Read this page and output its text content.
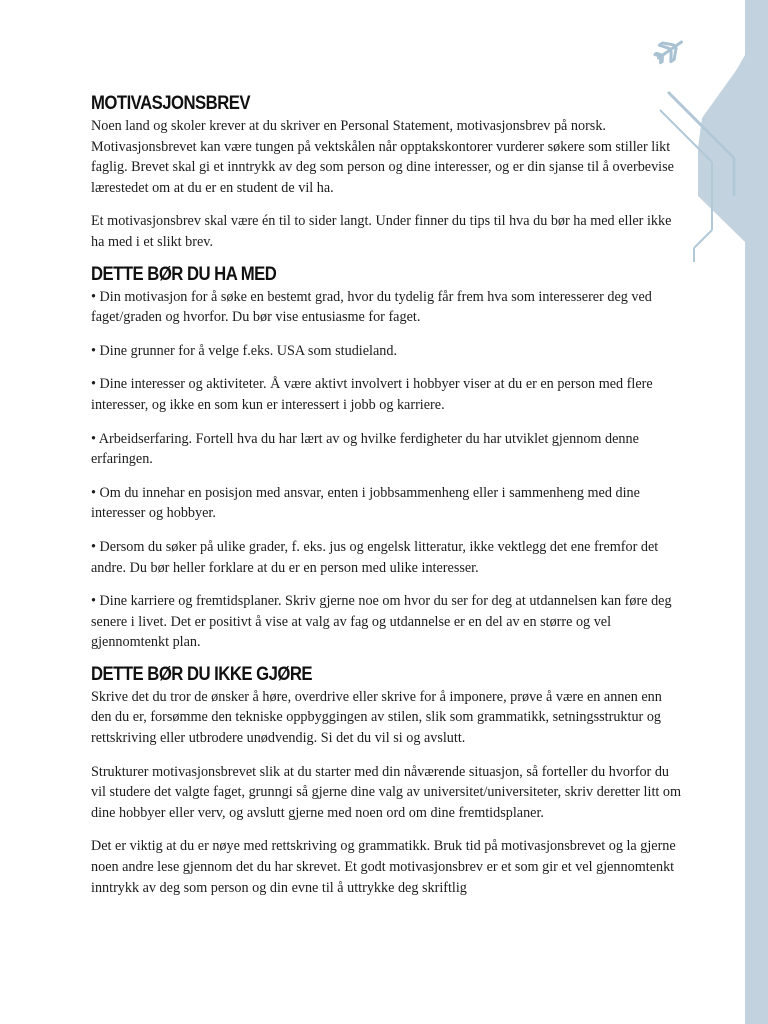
MOTIVASJONSBREV

Noen land og skoler krever at du skriver en Personal Statement, motivasjonsbrev på norsk. Motivasjonsbrevet kan være tungen på vektskålen når opptakskontorer vurderer søkere som stiller likt faglig. Brevet skal gi et inntrykk av deg som person og dine interesser, og er din sjanse til å overbevise lærestedet om at du er en student de vil ha.

Et motivasjonsbrev skal være én til to sider langt. Under finner du tips til hva du bør ha med eller ikke ha med i et slikt brev.

DETTE BØR DU HA MED

• Din motivasjon for å søke en bestemt grad, hvor du tydelig får frem hva som interesserer deg ved faget/graden og hvorfor. Du bør vise entusiasme for faget.

• Dine grunner for å velge f.eks. USA som studieland.

• Dine interesser og aktiviteter. Å være aktivt involvert i hobbyer viser at du er en person med flere interesser, og ikke en som kun er interessert i jobb og karriere.

• Arbeidserfaring. Fortell hva du har lært av og hvilke ferdigheter du har utviklet gjennom denne erfaringen.

• Om du innehar en posisjon med ansvar, enten i jobbsammenheng eller i sammenheng med dine interesser og hobbyer.

• Dersom du søker på ulike grader, f. eks. jus og engelsk litteratur, ikke vektlegg det ene fremfor det andre. Du bør heller forklare at du er en person med ulike interesser.

• Dine karriere og fremtidsplaner. Skriv gjerne noe om hvor du ser for deg at utdannelsen kan føre deg senere i livet. Det er positivt å vise at valg av fag og utdannelse er en del av en større og vel gjennomtenkt plan.

DETTE BØR DU IKKE GJØRE

Skrive det du tror de ønsker å høre, overdrive eller skrive for å imponere, prøve å være en annen enn den du er, forsømme den tekniske oppbyggingen av stilen, slik som grammatikk, setningsstruktur og rettskriving eller utbrodere unødvendig. Si det du vil si og avslutt.

Strukturer motivasjonsbrevet slik at du starter med din nåværende situasjon, så forteller du hvorfor du vil studere det valgte faget, grunngi så gjerne dine valg av universitet/universiteter, skriv deretter litt om dine hobbyer eller verv, og avslutt gjerne med noen ord om dine fremtidsplaner.

Det er viktig at du er nøye med rettskriving og grammatikk. Bruk tid på motivasjonsbrevet og la gjerne noen andre lese gjennom det du har skrevet. Et godt motivasjonsbrev er et som gir et vel gjennomtenkt inntrykk av deg som person og din evne til å uttrykke deg skriftlig
